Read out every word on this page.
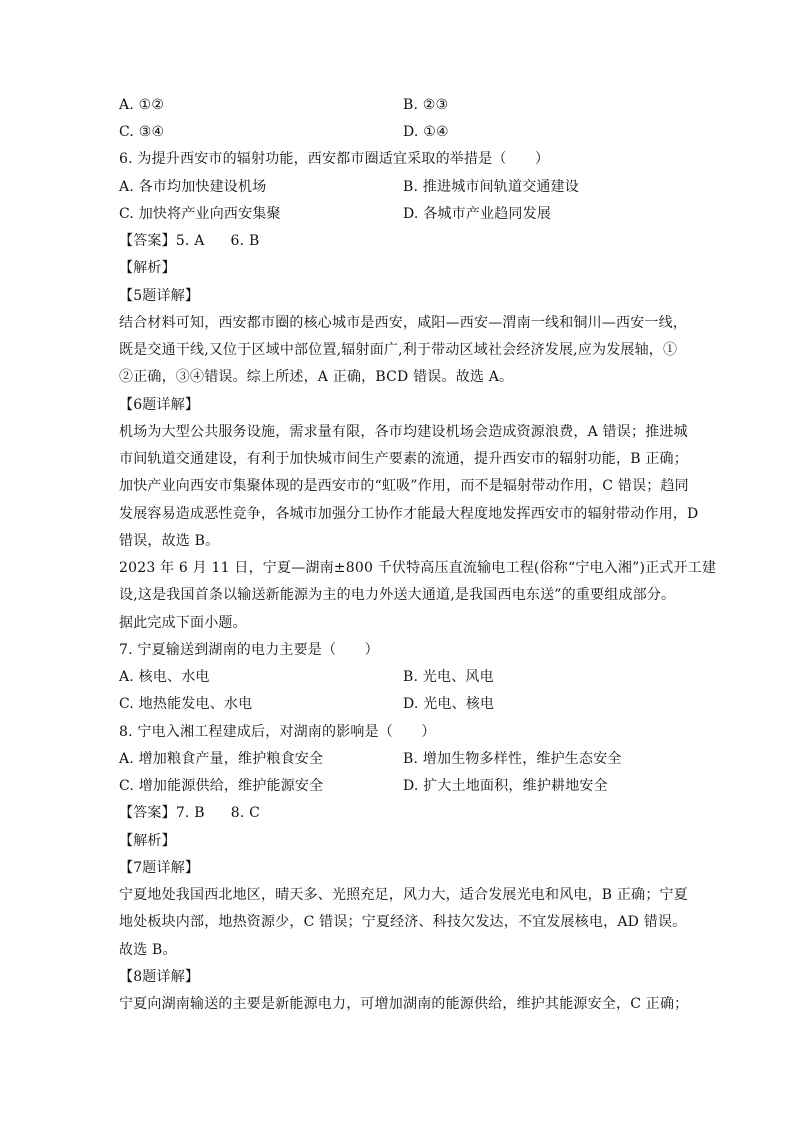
A. ①②	B. ②③
C. ③④	D. ①④
6. 为提升西安市的辐射功能，西安都市圈适宜采取的举措是（　　）
A. 各市均加快建设机场	B. 推进城市间轨道交通建设
C. 加快将产业向西安集聚	D. 各城市产业趋同发展
【答案】5. A 6. B
【解析】
【5题详解】
结合材料可知，西安都市圈的核心城市是西安，咸阳—西安—渭南一线和铜川—西安一线，
既是交通干线,又位于区域中部位置,辐射面广,利于带动区域社会经济发展,应为发展轴，①
②正确，③④错误。综上所述，A 正确，BCD 错误。故选 A。
【6题详解】
机场为大型公共服务设施，需求量有限，各市均建设机场会造成资源浪费，A 错误；推进城
市间轨道交通建设，有利于加快城市间生产要素的流通，提升西安市的辐射功能，B 正确；
加快产业向西安市集聚体现的是西安市的“虹吸”作用，而不是辐射带动作用，C 错误；趋同
发展容易造成恶性竞争，各城市加强分工协作才能最大程度地发挥西安市的辐射带动作用，D
错误，故选 B。
2023 年 6 月 11 日，宁夏—湖南±800 千伏特高压直流输电工程(俗称“宁电入湘”)正式开工建
设,这是我国首条以输送新能源为主的电力外送大通道,是我国西电东送”的重要组成部分。
据此完成下面小题。
7. 宁夏输送到湖南的电力主要是（　　）
A. 核电、水电	B. 光电、风电
C. 地热能发电、水电	D. 光电、核电
8. 宁电入湘工程建成后，对湖南的影响是（　　）
A. 增加粮食产量，维护粮食安全	B. 增加生物多样性，维护生态安全
C. 增加能源供给，维护能源安全	D. 扩大土地面积，维护耕地安全
【答案】7. B 8. C
【解析】
【7题详解】
宁夏地处我国西北地区，晴天多、光照充足，风力大，适合发展光电和风电，B 正确；宁夏
地处板块内部，地热资源少，C 错误；宁夏经济、科技欠发达，不宜发展核电，AD 错误。
故选 B。
【8题详解】
宁夏向湖南输送的主要是新能源电力，可增加湖南的能源供给，维护其能源安全，C 正确；
